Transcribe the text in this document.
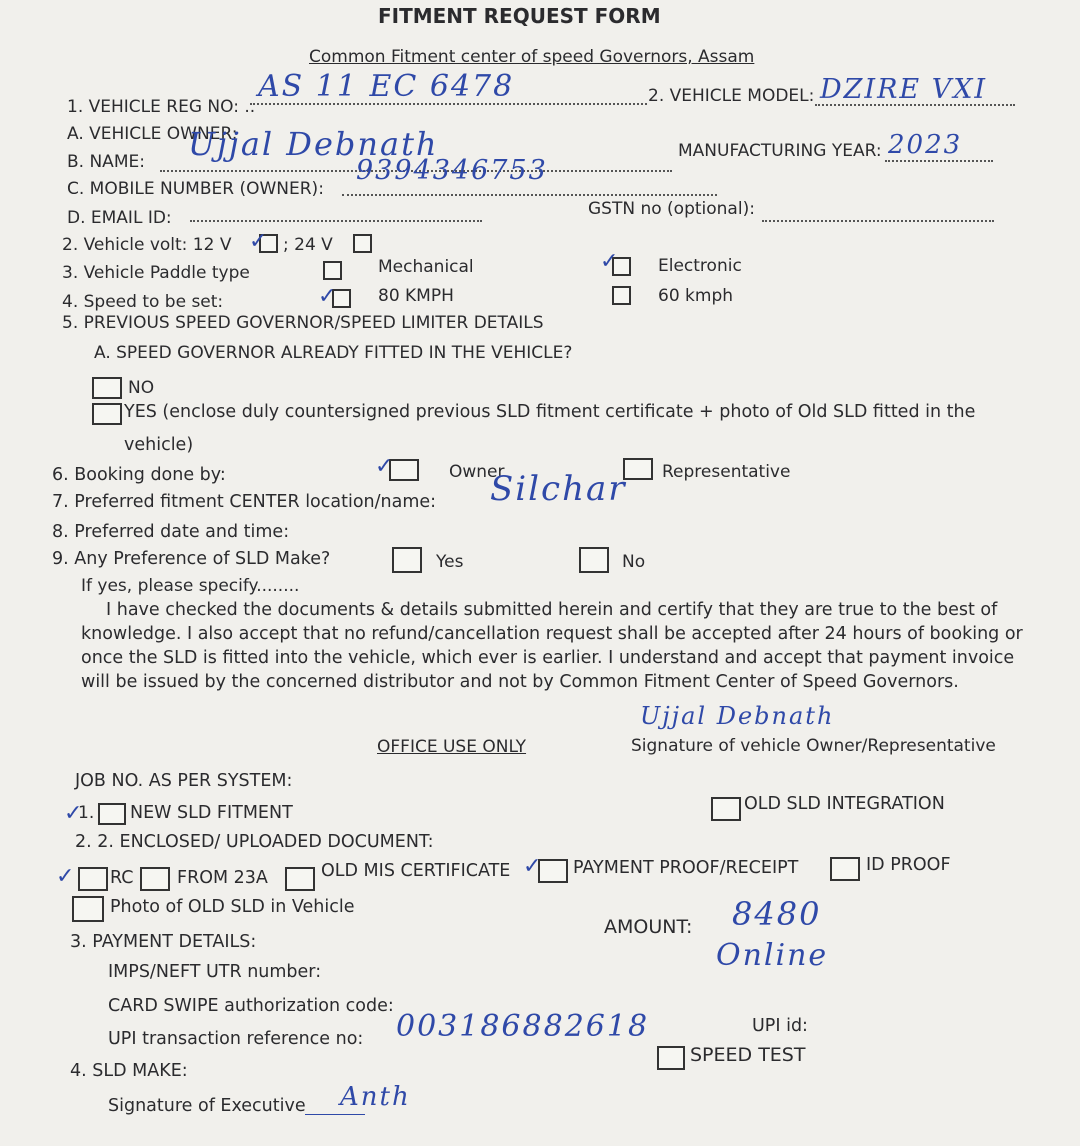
FITMENT REQUEST FORM
Common Fitment center of speed Governors, Assam
1. VEHICLE REG NO: ..
AS 11 EC 6478	2. VEHICLE MODEL: DZIRE VXI
A. VEHICLE OWNER:
B. NAME: Ujjal Debnath	MANUFACTURING YEAR: 2023
C. MOBILE NUMBER (OWNER):
9394346753
D. EMAIL ID:	GSTN no (optional):
2. Vehicle volt: 12 V ✓ ; 24 V
3. Vehicle Paddle type	Mechanical	✓ Electronic
4. Speed to be set:	✓ 80 KMPH	60 kmph
5. PREVIOUS SPEED GOVERNOR/SPEED LIMITER DETAILS
A. SPEED GOVERNOR ALREADY FITTED IN THE VEHICLE?
NO
YES (enclose duly countersigned previous SLD fitment certificate + photo of Old SLD fitted in the
vehicle)
6. Booking done by:	✓	Owner	Representative
7. Preferred fitment CENTER location/name: Silchar
8. Preferred date and time:
9. Any Preference of SLD Make?	Yes	No
If yes, please specify........
I have checked the documents & details submitted herein and certify that they are true to the best of
knowledge. I also accept that no refund/cancellation request shall be accepted after 24 hours of booking or
once the SLD is fitted into the vehicle, which ever is earlier. I understand and accept that payment invoice
will be issued by the concerned distributor and not by Common Fitment Center of Speed Governors.
Ujjal Debnath
Signature of vehicle Owner/Representative
OFFICE USE ONLY
JOB NO. AS PER SYSTEM:
1.
✓	NEW SLD FITMENT	OLD SLD INTEGRATION
2. 2. ENCLOSED/ UPLOADED DOCUMENT:
✓ RC FROM 23A	OLD MIS CERTIFICATE ✓ PAYMENT PROOF/RECEIPT	ID PROOF
Photo of OLD SLD in Vehicle
3. PAYMENT DETAILS:
AMOUNT: 8480
Online
IMPS/NEFT UTR number:
CARD SWIPE authorization code:
UPI transaction reference no: 003186882618	UPI id:
SPEED TEST
4. SLD MAKE:
Signature of Executive Anth
